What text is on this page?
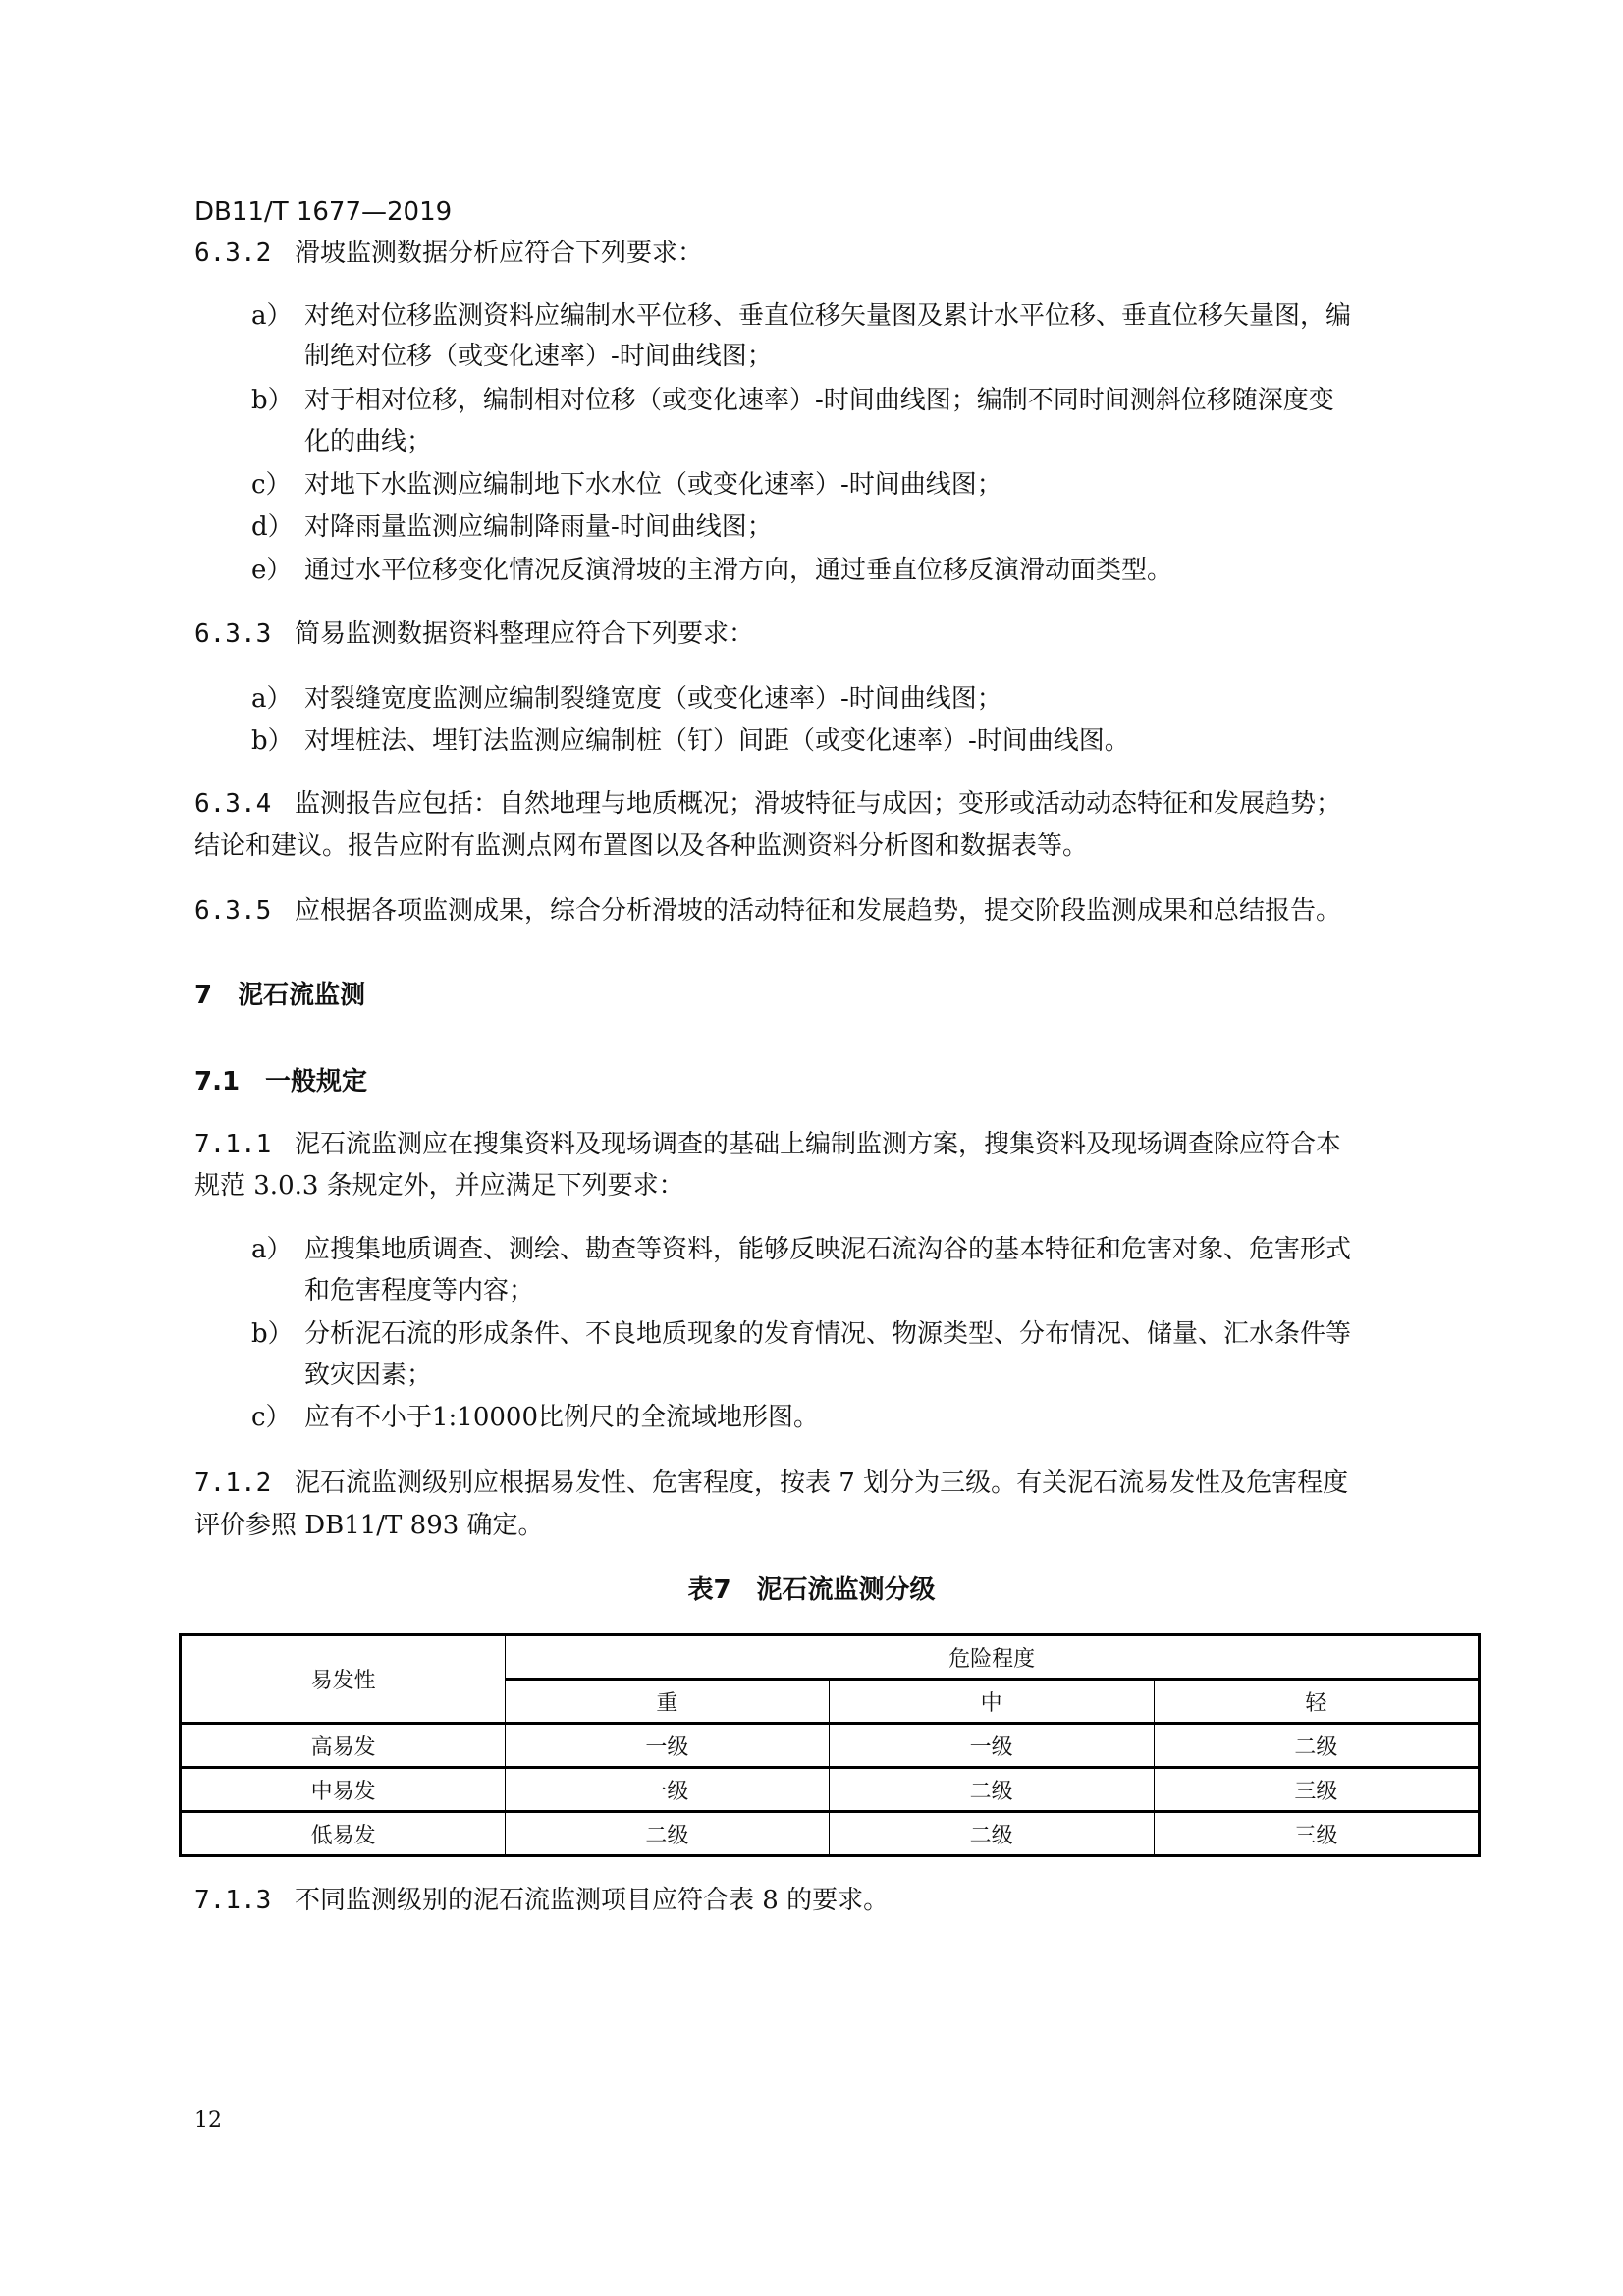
DB11/T 1677—2019
6.3.2 滑坡监测数据分析应符合下列要求：
a） 对绝对位移监测资料应编制水平位移、垂直位移矢量图及累计水平位移、垂直位移矢量图，编
制绝对位移（或变化速率）-时间曲线图；
b） 对于相对位移，编制相对位移（或变化速率）-时间曲线图；编制不同时间测斜位移随深度变
化的曲线；
c） 对地下水监测应编制地下水水位（或变化速率）-时间曲线图；
d） 对降雨量监测应编制降雨量-时间曲线图；
e） 通过水平位移变化情况反演滑坡的主滑方向，通过垂直位移反演滑动面类型。
6.3.3 简易监测数据资料整理应符合下列要求：
a） 对裂缝宽度监测应编制裂缝宽度（或变化速率）-时间曲线图；
b） 对埋桩法、埋钉法监测应编制桩（钉）间距（或变化速率）-时间曲线图。
6.3.4 监测报告应包括：自然地理与地质概况；滑坡特征与成因；变形或活动动态特征和发展趋势；
结论和建议。报告应附有监测点网布置图以及各种监测资料分析图和数据表等。
6.3.5 应根据各项监测成果，综合分析滑坡的活动特征和发展趋势，提交阶段监测成果和总结报告。
7 泥石流监测
7.1 一般规定
7.1.1 泥石流监测应在搜集资料及现场调查的基础上编制监测方案，搜集资料及现场调查除应符合本
规范 3.0.3 条规定外，并应满足下列要求：
a） 应搜集地质调查、测绘、勘查等资料，能够反映泥石流沟谷的基本特征和危害对象、危害形式
和危害程度等内容；
b） 分析泥石流的形成条件、不良地质现象的发育情况、物源类型、分布情况、储量、汇水条件等
致灾因素；
c） 应有不小于1:10000比例尺的全流域地形图。
7.1.2 泥石流监测级别应根据易发性、危害程度，按表 7 划分为三级。有关泥石流易发性及危害程度
评价参照 DB11/T 893 确定。
表7　泥石流监测分级
易发性	危险程度		
	重	中	轻
高易发	一级	一级	二级
中易发	一级	二级	三级
低易发	二级	二级	三级
7.1.3 不同监测级别的泥石流监测项目应符合表 8 的要求。
12
